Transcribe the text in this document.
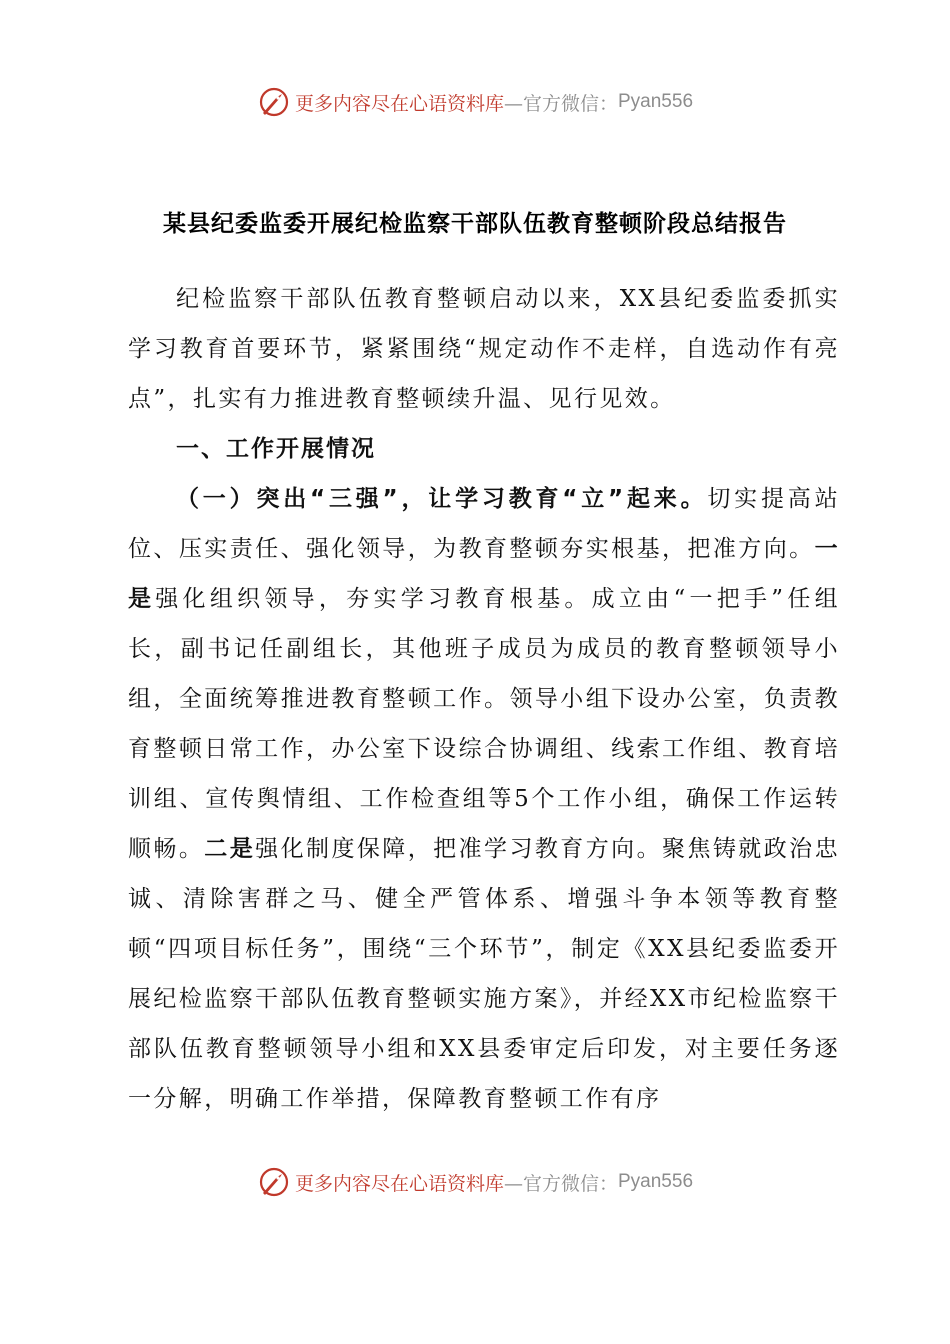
更多内容尽在心语资料库 —官方微信： Pyan556
某县纪委监委开展纪检监察干部队伍教育整顿阶段总结报告

纪检监察干部队伍教育整顿启动以来，XX县纪委监委抓实学习教育首要环节，紧紧围绕“规定动作不走样，自选动作有亮点”，扎实有力推进教育整顿续升温、见行见效。

一、工作开展情况

（一）突出“三强”，让学习教育“立”起来。切实提高站位、压实责任、强化领导，为教育整顿夯实根基，把准方向。一是强化组织领导，夯实学习教育根基。成立由“一把手”任组长，副书记任副组长，其他班子成员为成员的教育整顿领导小组，全面统筹推进教育整顿工作。领导小组下设办公室，负责教育整顿日常工作，办公室下设综合协调组、线索工作组、教育培训组、宣传舆情组、工作检查组等5个工作小组，确保工作运转顺畅。二是强化制度保障，把准学习教育方向。聚焦铸就政治忠诚、清除害群之马、健全严管体系、增强斗争本领等教育整顿“四项目标任务”，围绕“三个环节”，制定《XX县纪委监委开展纪检监察干部队伍教育整顿实施方案》，并经XX市纪检监察干部队伍教育整顿领导小组和XX县委审定后印发，对主要任务逐一分解，明确工作举措，保障教育整顿工作有序

更多内容尽在心语资料库 —官方微信： Pyan556
